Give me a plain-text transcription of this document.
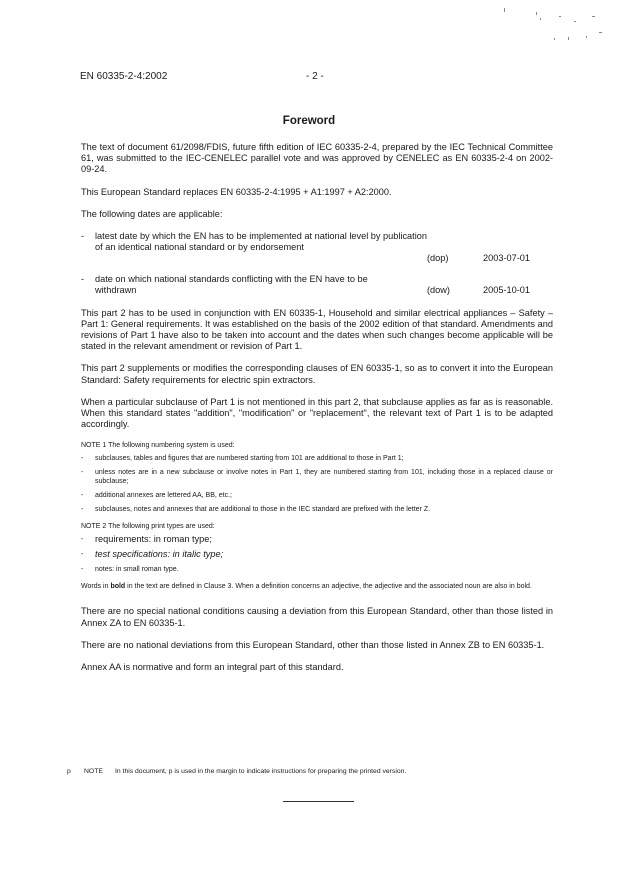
EN 60335-2-4:2002	- 2 -
Foreword

The text of document 61/2098/FDIS, future fifth edition of IEC 60335-2-4, prepared by the IEC Technical Committee 61, was submitted to the IEC-CENELEC parallel vote and was approved by CENELEC as EN 60335-2-4 on 2002-09-24.

This European Standard replaces EN 60335-2-4:1995 + A1:1997 + A2:2000.

The following dates are applicable:

- latest date by which the EN has to be implemented at national level by publication of an identical national standard or by endorsement
(dop)	2003-07-01
- date on which national standards conflicting with the EN have to be withdrawn	(dow)	2005-10-01

This part 2 has to be used in conjunction with EN 60335-1, Household and similar electrical appliances – Safety – Part 1: General requirements. It was established on the basis of the 2002 edition of that standard. Amendments and revisions of Part 1 have also to be taken into account and the dates when such changes become applicable will be stated in the relevant amendment or revision of Part 1.

This part 2 supplements or modifies the corresponding clauses of EN 60335-1, so as to convert it into the European Standard: Safety requirements for electric spin extractors.

When a particular subclause of Part 1 is not mentioned in this part 2, that subclause applies as far as is reasonable. When this standard states "addition", "modification" or "replacement", the relevant text of Part 1 is to be adapted accordingly.

NOTE 1 The following numbering system is used:
- subclauses, tables and figures that are numbered starting from 101 are additional to those in Part 1;
- unless notes are in a new subclause or involve notes in Part 1, they are numbered starting from 101, including those in a replaced clause or subclause;
- additional annexes are lettered AA, BB, etc.;
- subclauses, notes and annexes that are additional to those in the IEC standard are prefixed with the letter Z.
NOTE 2 The following print types are used:
- requirements: in roman type;
- test specifications: in italic type;
- notes: in small roman type.

Words in bold in the text are defined in Clause 3. When a definition concerns an adjective, the adjective and the associated noun are also in bold.

There are no special national conditions causing a deviation from this European Standard, other than those listed in Annex ZA to EN 60335-1.

There are no national deviations from this European Standard, other than those listed in Annex ZB to EN 60335-1.

Annex AA is normative and form an integral part of this standard.

p NOTE In this document, p is used in the margin to indicate instructions for preparing the printed version.
